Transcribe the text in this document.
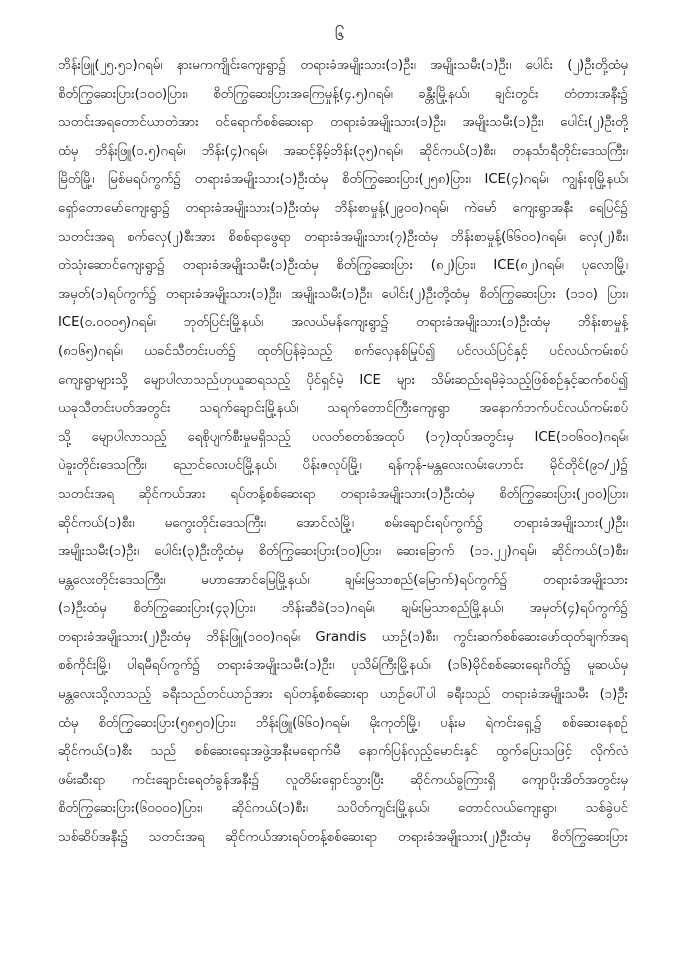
၆
ဘိန်းဖြူ(၂၅.၅၁)ဂရမ်၊ နားမကကျိုင်းကျေးရွာ၌ တရားခံအမျိုးသား(၁)ဦး၊ အမျိုးသမီး(၁)ဦး၊ ပေါင်း (၂)ဦးတို့ထံမှ
စိတ်ကြွဆေးပြား(၁၀၀)ပြား၊ စိတ်ကြွဆေးပြားအကြေမှုန့်(၄.၅)ဂရမ်၊ ခန္တီးမြို့နယ်၊ ချင်းတွင်း တံတားအနီး၌
သတင်းအရတောင်ယာတဲအား ဝင်ရောက်စစ်ဆေးရာ တရားခံအမျိုးသား(၁)ဦး၊ အမျိုးသမီး(၁)ဦး၊ ပေါင်း(၂)ဦးတို့
ထံမှ ဘိန်းဖြူ(၁.၅)ဂရမ်၊ ဘိန်း(၄)ဂရမ်၊ အဆင့်နိမ့်ဘိန်း(၃၅)ဂရမ်၊ ဆိုင်ကယ်(၁)စီး၊ တနင်္သာရီတိုင်းဒေသကြီး၊
မြိတ်မြို့၊ မြစ်မရပ်ကွက်၌ တရားခံအမျိုးသား(၁)ဦးထံမှ စိတ်ကြွဆေးပြား(၂၅၈)ပြား၊ ICE(၄)ဂရမ်၊ ကျွန်းစုမြို့နယ်၊
ရှော်တောမော်ကျေးရွာ၌ တရားခံအမျိုးသား(၁)ဦးထံမှ ဘိန်းစာမှုန့်(၂၉၀၀)ဂရမ်၊ ကဲမော် ကျေးရွာအနီး ရေပြင်၌
သတင်းအရ စက်လှေ(၂)စီးအား စိစစ်ရာဖွေရာ တရားခံအမျိုးသား(၇)ဦးထံမှ ဘိန်းစာမှုန့်(၆၆၀၀)ဂရမ်၊ လှေ(၂)စီး၊
တဲသုံးဆောင်ကျေးရွာ၌ တရားခံအမျိုးသမီး(၁)ဦးထံမှ စိတ်ကြွဆေးပြား (၈၂)ပြား၊ ICE(၈၂)ဂရမ်၊ ပုလောမြို့၊
အမှတ်(၁)ရပ်ကွက်၌ တရားခံအမျိုးသား(၁)ဦး၊ အမျိုးသမီး(၁)ဦး၊ ပေါင်း(၂)ဦးတို့ထံမှ စိတ်ကြွဆေးပြား (၁၁၀) ပြား၊
ICE(၀.၀၀၀၅)ဂရမ်၊ ဘုတ်ပြင်းမြို့နယ်၊ အလယ်မန်ကျေးရွာ၌ တရားခံအမျိုးသား(၁)ဦးထံမှ ဘိန်းစာမှုန့်
(၈၁၆၅)ဂရမ်၊ ယခင်သီတင်းပတ်၌ ထုတ်ပြန်ခဲ့သည့် စက်လှေနစ်မြုပ်၍ ပင်လယ်ပြင်နှင့် ပင်လယ်ကမ်းစပ်
ကျေးရွာများသို့ မျောပါလာသည်ဟုယူဆရသည့် ပိုင်ရှင်မဲ့ ICE များ သိမ်းဆည်းရမိခဲ့သည့်ဖြစ်စဉ်နှင့်ဆက်စပ်၍
ယခုသီတင်းပတ်အတွင်း သရက်ချောင်းမြို့နယ်၊ သရက်တောင်ကြီးကျေးရွာ အနောက်ဘက်ပင်လယ်ကမ်းစပ်
သို့ မျောပါလာသည့် ရေစိုပျက်စီးမှုမရှိသည့် ပလတ်စတစ်အထုပ် (၁၇)ထုပ်အတွင်းမှ ICE(၁၀၆၀၀)ဂရမ်၊
ပဲခူးတိုင်းဒေသကြီး၊ ညောင်လေးပင်မြို့နယ်၊ ပိန်းဇလုပ်မြို့၊ ရန်ကုန်-မန္တလေးလမ်းဟောင်း မိုင်တိုင်(၉၁/၂)၌
သတင်းအရ ဆိုင်ကယ်အား ရပ်တန့်စစ်ဆေးရာ တရားခံအမျိုးသား(၁)ဦးထံမှ စိတ်ကြွဆေးပြား(၂၀၀)ပြား၊
ဆိုင်ကယ်(၁)စီး၊ မကွေးတိုင်းဒေသကြီး၊ အောင်လံမြို့၊ စမ်းချောင်းရပ်ကွက်၌ တရားခံအမျိုးသား(၂)ဦး၊
အမျိုးသမီး(၁)ဦး၊ ပေါင်း(၃)ဦးတို့ထံမှ စိတ်ကြွဆေးပြား(၁၀)ပြား၊ ဆေးခြောက် (၁၁.၂၂)ဂရမ်၊ ဆိုင်ကယ်(၁)စီး၊
မန္တလေးတိုင်းဒေသကြီး၊ မဟာအောင်မြေမြို့နယ်၊ ချမ်းမြသာစည်(မြောက်)ရပ်ကွက်၌ တရားခံအမျိုးသား
(၁)ဦးထံမှ စိတ်ကြွဆေးပြား(၄၃)ပြား၊ ဘိန်းဆီခဲ(၁၁)ဂရမ်၊ ချမ်းမြသာစည်မြို့နယ်၊ အမှတ်(၄)ရပ်ကွက်၌
တရားခံအမျိုးသား(၂)ဦးထံမှ ဘိန်းဖြူ(၁၀၀)ဂရမ်၊ Grandis ယာဉ်(၁)စီး၊ ကွင်းဆက်စစ်ဆေးဖော်ထုတ်ချက်အရ
စစ်ကိုင်းမြို့၊ ပါရမီရပ်ကွက်၌ တရားခံအမျိုးသမီး(၁)ဦး၊ ပုသိမ်ကြီးမြို့နယ်၊ (၁၆)မိုင်စစ်ဆေးရေးဂိတ်၌ မူဆယ်မှ
မန္တလေးသို့လာသည့် ခရီးသည်တင်ယာဉ်အား ရပ်တန့်စစ်ဆေးရာ ယာဉ်ပေါ်ပါ ခရီးသည် တရားခံအမျိုးသမီး (၁)ဦး
ထံမှ စိတ်ကြွဆေးပြား(၅၈၅၀)ပြား၊ ဘိန်းဖြူ(၆၆၀)ဂရမ်၊ မိုးကုတ်မြို့၊ ပန်းမ ရဲကင်းရှေ့၌ စစ်ဆေးနေစဉ်
ဆိုင်ကယ်(၁)စီး သည် စစ်ဆေးရေးအဖွဲ့အနီးမရောက်မီ နောက်ပြန်လှည့်မောင်းနှင် ထွက်ပြေးသဖြင့် လိုက်လံ
ဖမ်းဆီးရာ ကင်းချောင်းရေတံခွန်အနီး၌ လူတိမ်းရှောင်သွားပြီး ဆိုင်ကယ်ခွကြားရှိ ကျောပိုးအိတ်အတွင်းမှ
စိတ်ကြွဆေးပြား(၆၀၀၀၀)ပြား၊ ဆိုင်ကယ်(၁)စီး၊ သပိတ်ကျင်းမြို့နယ်၊ တောင်လယ်ကျေးရွာ၊ သစ်ခွဲပင်
သစ်ဆိပ်အနီး၌ သတင်းအရ ဆိုင်ကယ်အားရပ်တန့်စစ်ဆေးရာ တရားခံအမျိုးသား(၂)ဦးထံမှ စိတ်ကြွဆေးပြား
